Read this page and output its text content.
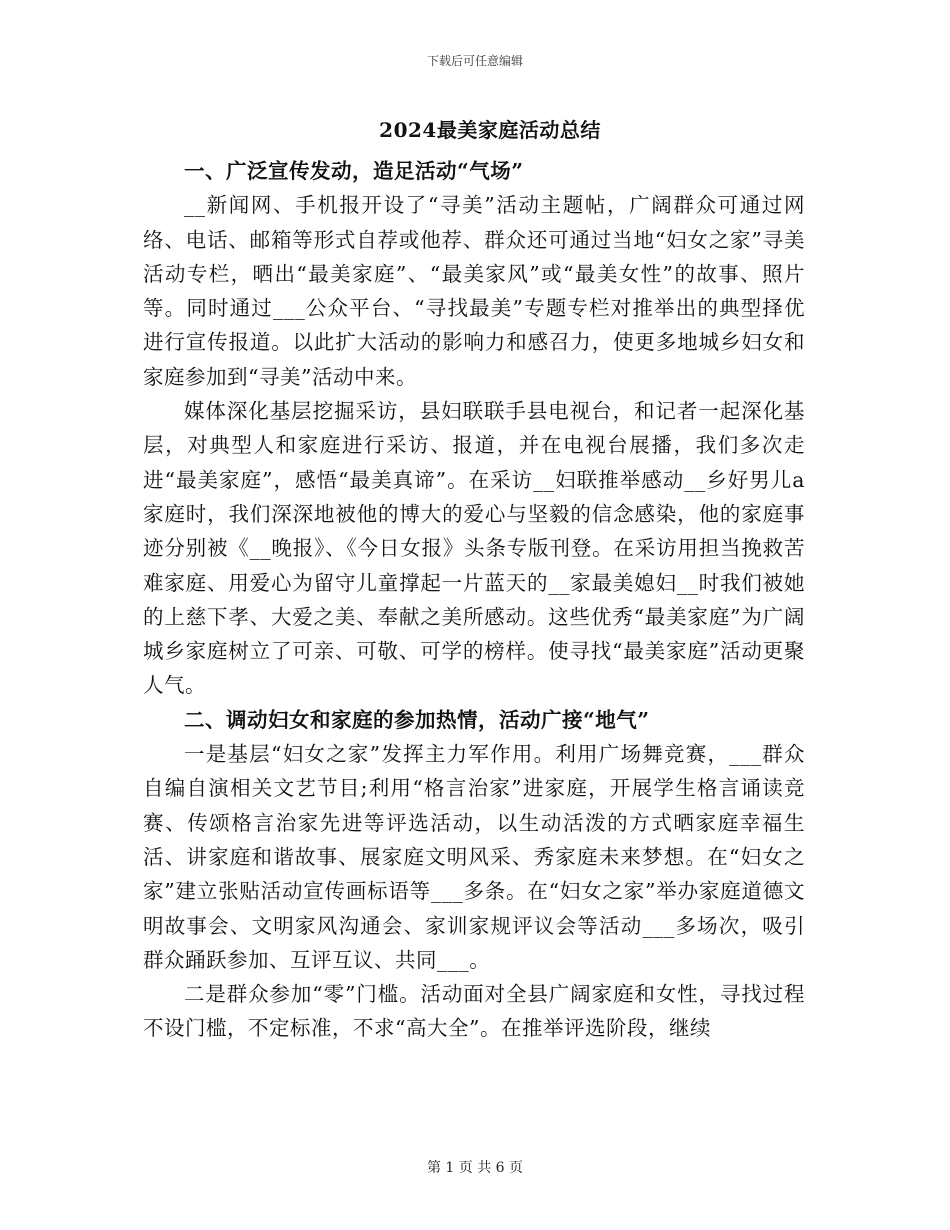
下载后可任意编辑
2024最美家庭活动总结

一、广泛宣传发动，造足活动“气场”

__新闻网、手机报开设了“寻美”活动主题帖，广阔群众可通过网络、电话、邮箱等形式自荐或他荐、群众还可通过当地“妇女之家”寻美活动专栏，晒出“最美家庭”、“最美家风”或“最美女性”的故事、照片等。同时通过___公众平台、“寻找最美”专题专栏对推举出的典型择优进行宣传报道。以此扩大活动的影响力和感召力，使更多地城乡妇女和家庭参加到“寻美”活动中来。

媒体深化基层挖掘采访，县妇联联手县电视台，和记者一起深化基层，对典型人和家庭进行采访、报道，并在电视台展播，我们多次走进“最美家庭”，感悟“最美真谛”。在采访__妇联推举感动__乡好男儿a家庭时，我们深深地被他的博大的爱心与坚毅的信念感染，他的家庭事迹分别被《__晚报》、《今日女报》头条专版刊登。在采访用担当挽救苦难家庭、用爱心为留守儿童撑起一片蓝天的__家最美媳妇__时我们被她的上慈下孝、大爱之美、奉献之美所感动。这些优秀“最美家庭”为广阔城乡家庭树立了可亲、可敬、可学的榜样。使寻找“最美家庭”活动更聚人气。

二、调动妇女和家庭的参加热情，活动广接“地气”

一是基层“妇女之家”发挥主力军作用。利用广场舞竞赛，___群众自编自演相关文艺节目;利用“格言治家”进家庭，开展学生格言诵读竞赛、传颂格言治家先进等评选活动，以生动活泼的方式晒家庭幸福生活、讲家庭和谐故事、展家庭文明风采、秀家庭未来梦想。在“妇女之家”建立张贴活动宣传画标语等___多条。在“妇女之家”举办家庭道德文明故事会、文明家风沟通会、家训家规评议会等活动___多场次，吸引群众踊跃参加、互评互议、共同___。

二是群众参加“零”门槛。活动面对全县广阔家庭和女性，寻找过程不设门槛，不定标准，不求“高大全”。在推举评选阶段，继续

第 1 页 共 6 页
